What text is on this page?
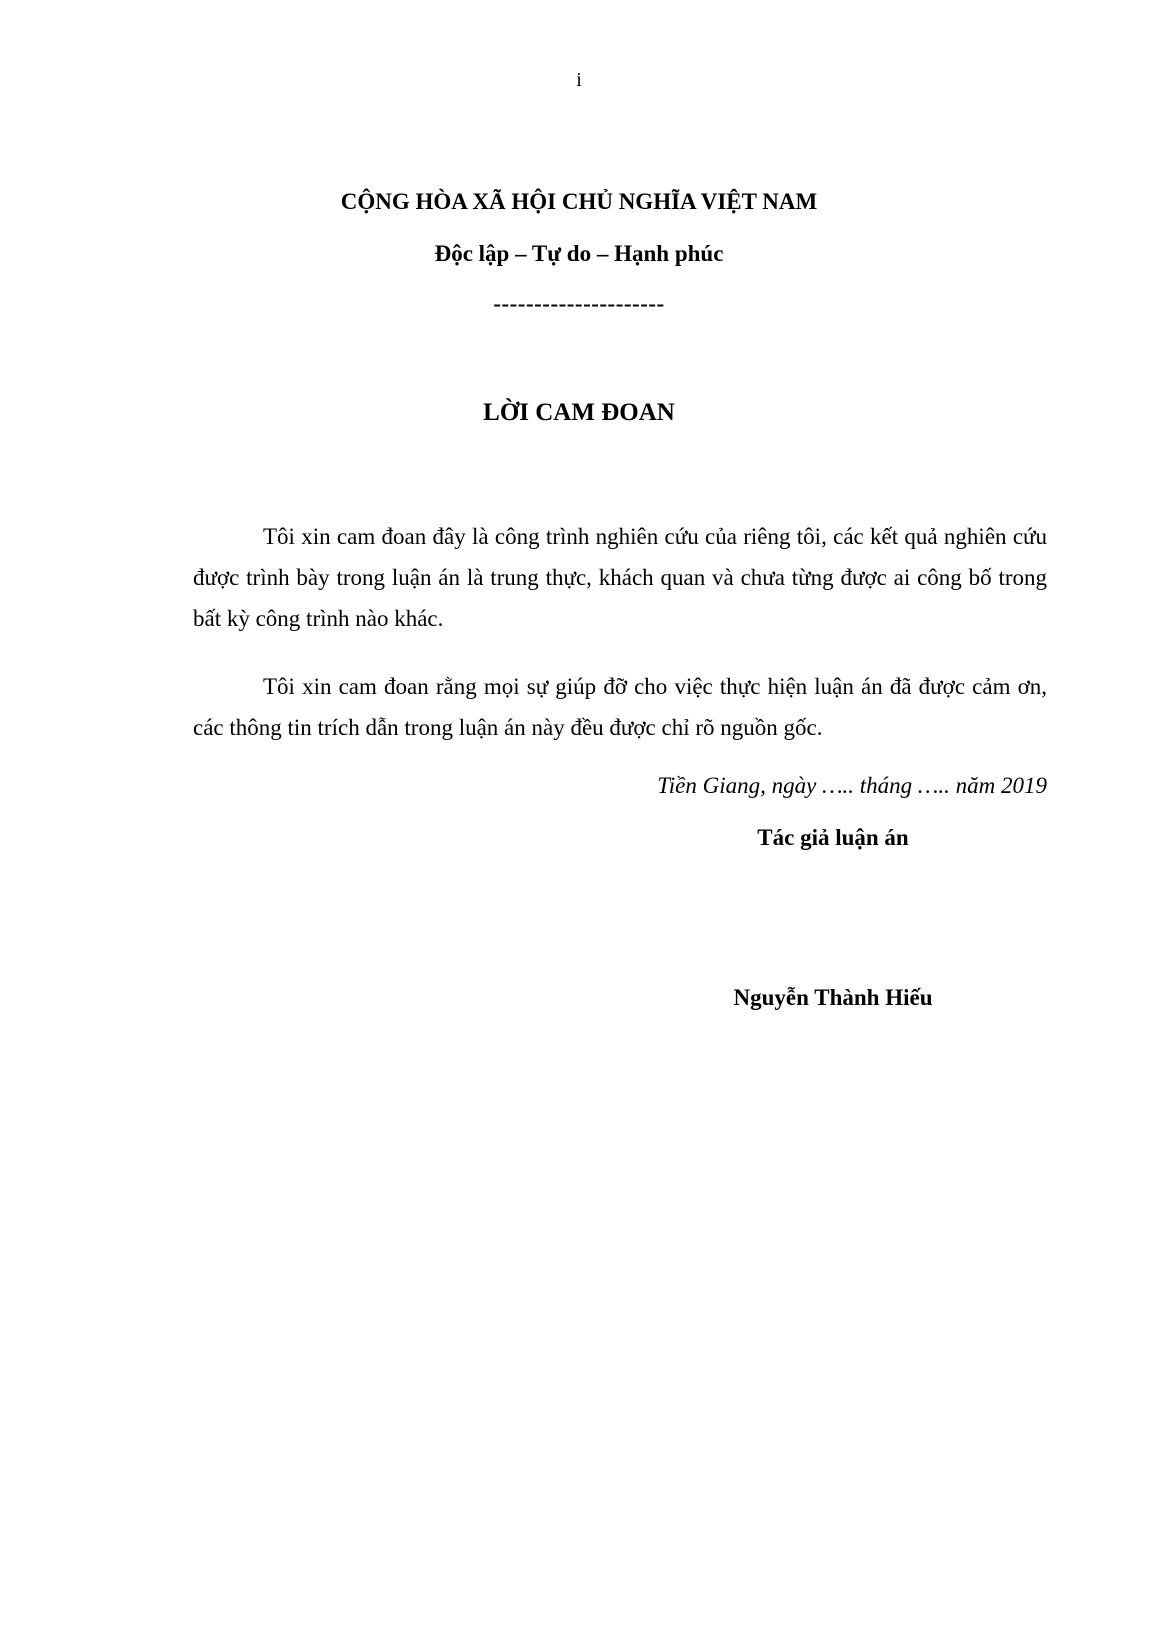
i
CỘNG HÒA XÃ HỘI CHỦ NGHĨA VIỆT NAM
Độc lập – Tự do – Hạnh phúc
---------------------
LỜI CAM ĐOAN

Tôi xin cam đoan đây là công trình nghiên cứu của riêng tôi, các kết quả nghiên cứu được trình bày trong luận án là trung thực, khách quan và chưa từng được ai công bố trong bất kỳ công trình nào khác.

Tôi xin cam đoan rằng mọi sự giúp đỡ cho việc thực hiện luận án đã được cảm ơn, các thông tin trích dẫn trong luận án này đều được chỉ rõ nguồn gốc.

Tiền Giang, ngày ….. tháng ….. năm 2019
Tác giả luận án
Nguyễn Thành Hiếu
